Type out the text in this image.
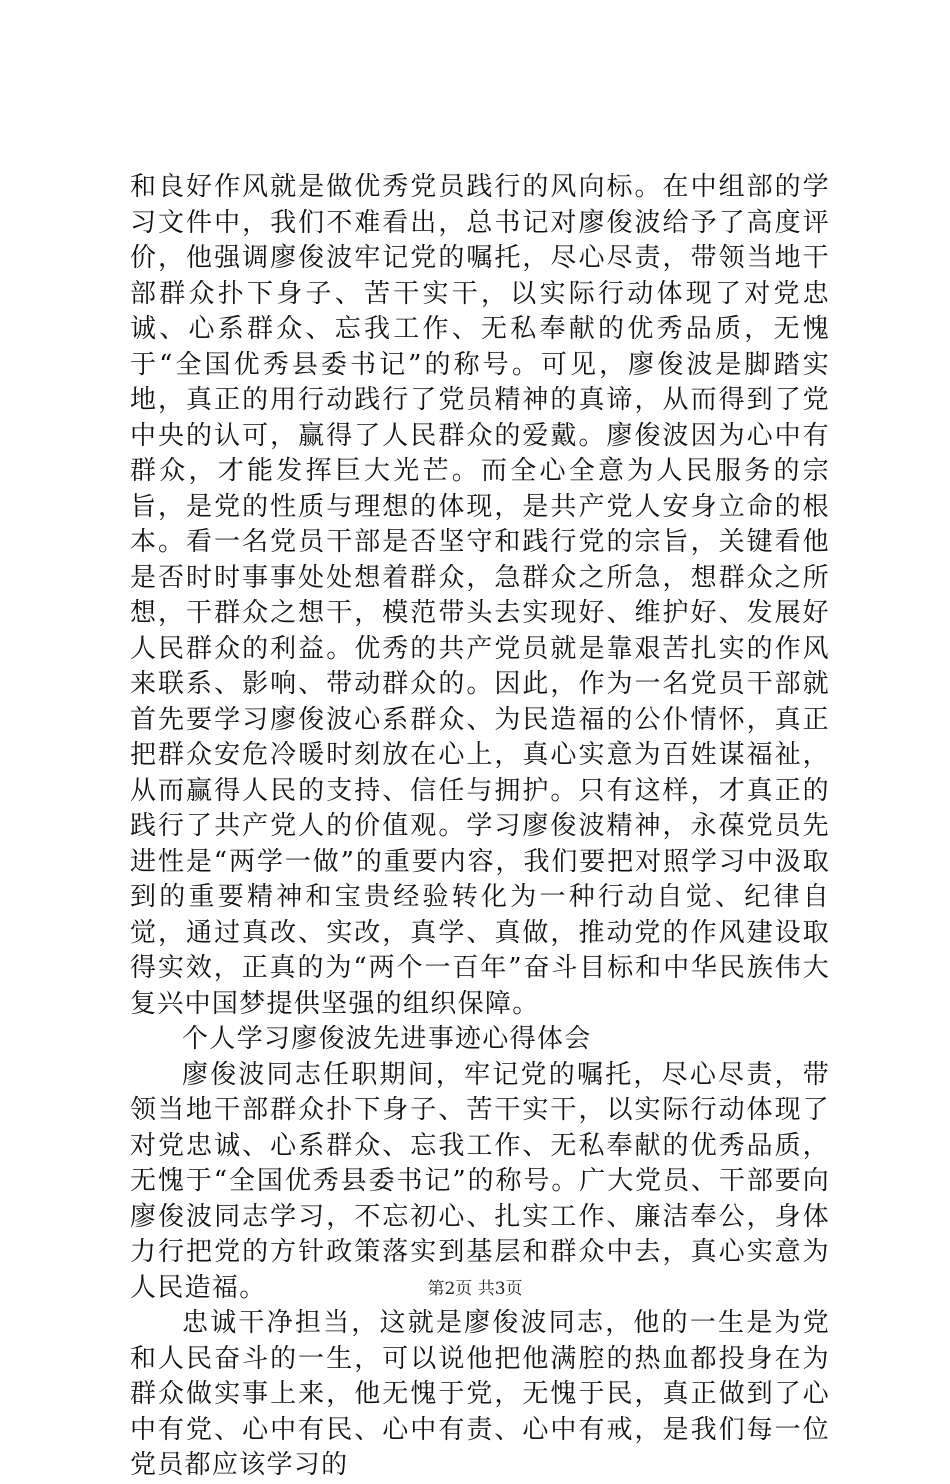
和良好作风就是做优秀党员践行的风向标。在中组部的学习文件中，我们不难看出，总书记对廖俊波给予了高度评价，他强调廖俊波牢记党的嘱托，尽心尽责，带领当地干部群众扑下身子、苦干实干，以实际行动体现了对党忠诚、心系群众、忘我工作、无私奉献的优秀品质，无愧于“全国优秀县委书记”的称号。可见，廖俊波是脚踏实地，真正的用行动践行了党员精神的真谛，从而得到了党中央的认可，赢得了人民群众的爱戴。廖俊波因为心中有群众，才能发挥巨大光芒。而全心全意为人民服务的宗旨，是党的性质与理想的体现，是共产党人安身立命的根本。看一名党员干部是否坚守和践行党的宗旨，关键看他是否时时事事处处想着群众，急群众之所急，想群众之所想，干群众之想干，模范带头去实现好、维护好、发展好人民群众的利益。优秀的共产党员就是靠艰苦扎实的作风来联系、影响、带动群众的。因此，作为一名党员干部就首先要学习廖俊波心系群众、为民造福的公仆情怀，真正把群众安危冷暖时刻放在心上，真心实意为百姓谋福祉，从而赢得人民的支持、信任与拥护。只有这样，才真正的践行了共产党人的价值观。学习廖俊波精神，永葆党员先进性是“两学一做”的重要内容，我们要把对照学习中汲取到的重要精神和宝贵经验转化为一种行动自觉、纪律自觉，通过真改、实改，真学、真做，推动党的作风建设取得实效，正真的为“两个一百年”奋斗目标和中华民族伟大复兴中国梦提供坚强的组织保障。

个人学习廖俊波先进事迹心得体会

廖俊波同志任职期间，牢记党的嘱托，尽心尽责，带领当地干部群众扑下身子、苦干实干，以实际行动体现了对党忠诚、心系群众、忘我工作、无私奉献的优秀品质，无愧于“全国优秀县委书记”的称号。广大党员、干部要向廖俊波同志学习，不忘初心、扎实工作、廉洁奉公，身体力行把党的方针政策落实到基层和群众中去，真心实意为人民造福。

忠诚干净担当，这就是廖俊波同志，他的一生是为党和人民奋斗的一生，可以说他把他满腔的热血都投身在为群众做实事上来，他无愧于党，无愧于民，真正做到了心中有党、心中有民、心中有责、心中有戒，是我们每一位党员都应该学习的

第2页 共3页
